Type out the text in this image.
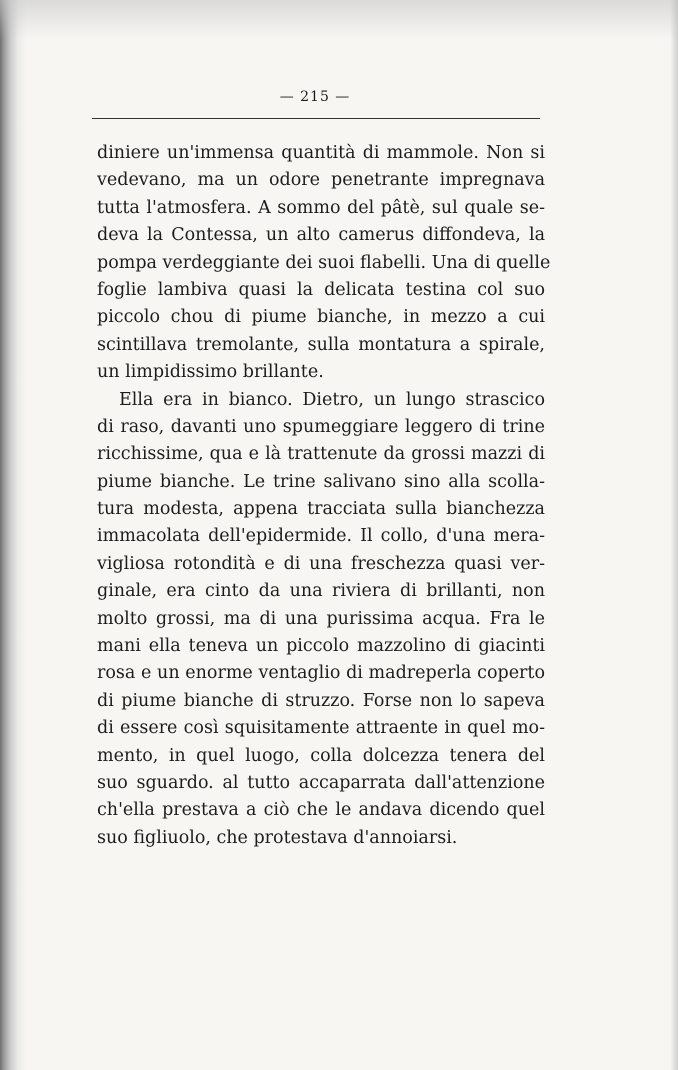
— 215 —
diniere un'immensa quantità di mammole. Non si
vedevano, ma un odore penetrante impregnava
tutta l'atmosfera. A sommo del pâtè, sul quale se-
deva la Contessa, un alto camerus diffondeva, la
pompa verdeggiante dei suoi flabelli. Una di quelle
foglie lambiva quasi la delicata testina col suo
piccolo chou di piume bianche, in mezzo a cui
scintillava tremolante, sulla montatura a spirale,
un limpidissimo brillante.
Ella era in bianco. Dietro, un lungo strascico
di raso, davanti uno spumeggiare leggero di trine
ricchissime, qua e là trattenute da grossi mazzi di
piume bianche. Le trine salivano sino alla scolla-
tura modesta, appena tracciata sulla bianchezza
immacolata dell'epidermide. Il collo, d'una mera-
vigliosa rotondità e di una freschezza quasi ver-
ginale, era cinto da una riviera di brillanti, non
molto grossi, ma di una purissima acqua. Fra le
mani ella teneva un piccolo mazzolino di giacinti
rosa e un enorme ventaglio di madreperla coperto
di piume bianche di struzzo. Forse non lo sapeva
di essere così squisitamente attraente in quel mo-
mento, in quel luogo, colla dolcezza tenera del
suo sguardo. al tutto accaparrata dall'attenzione
ch'ella prestava a ciò che le andava dicendo quel
suo figliuolo, che protestava d'annoiarsi.
